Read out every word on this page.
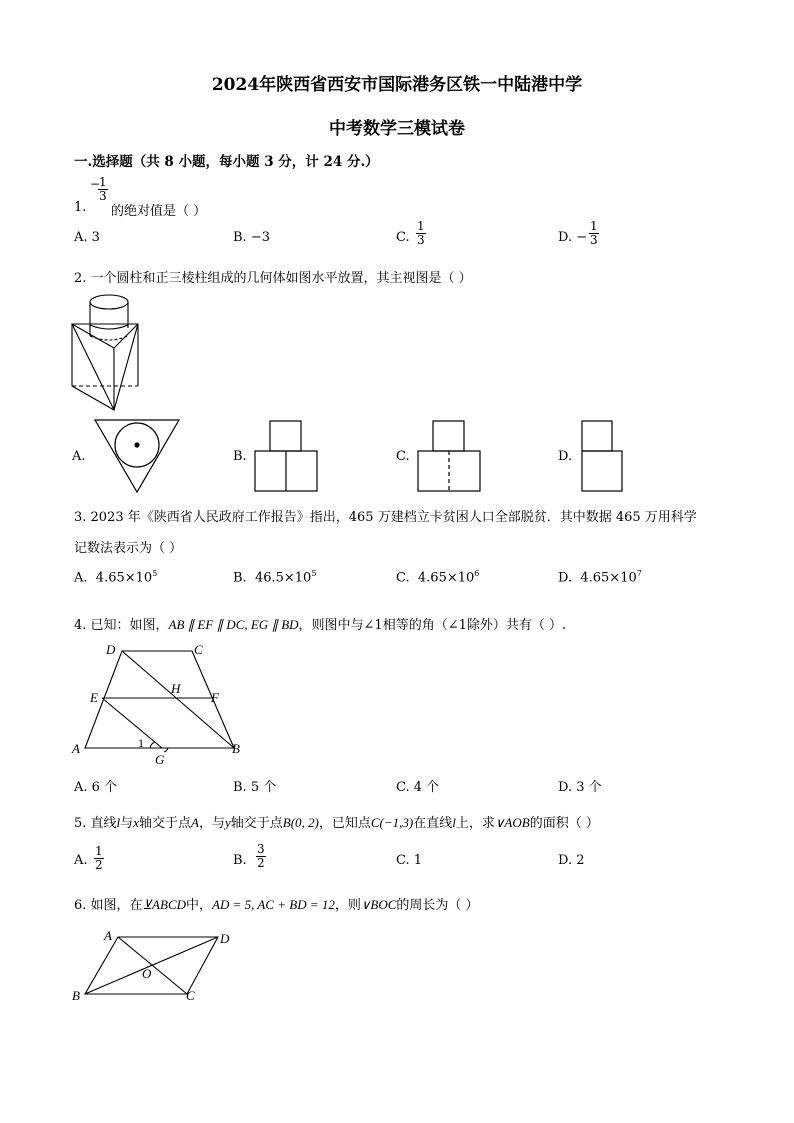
2024年陕西省西安市国际港务区铁一中陆港中学
中考数学三模试卷
一.选择题（共 8 小题，每小题 3 分，计 24 分.）
−
$\frac{1}{3}$
1. 的绝对值是（ ）
A. 3	B. −3	C. $\frac{1}{3}$	D. − $\frac{1}{3}$
2. 一个圆柱和正三棱柱组成的几何体如图水平放置，其主视图是（ ）
A.	B.	C.	D.
3. 2023 年《陕西省人民政府工作报告》指出，465 万建档立卡贫困人口全部脱贫．其中数据 465 万用科学
记数法表示为（ ）
A. $4.65\times 10^5$	B. $46.5\times 10^5$	C. $4.65\times 10^6$	D. $4.65\times 10^7$
4. 已知：如图，AB ∥ EF ∥ DC, EG ∥ BD，则图中与∠1相等的角（∠1除外）共有（ ）.
D	C
E
H
F
A	B
G
1
A. 6 个	B. 5 个	C. 4 个	D. 3 个
5. 直线l与x轴交于点A，与y轴交于点B(0, 2)，已知点C(−1,3)在直线l上，求∨AOB的面积（ ）
A. $\frac{1}{2}$	B. $\frac{3}{2}$	C. 1	D. 2
6. 如图，在⊻ABCD中，AD = 5, AC + BD = 12，则∨BOC的周长为（ ）
A	D
O
B	C
